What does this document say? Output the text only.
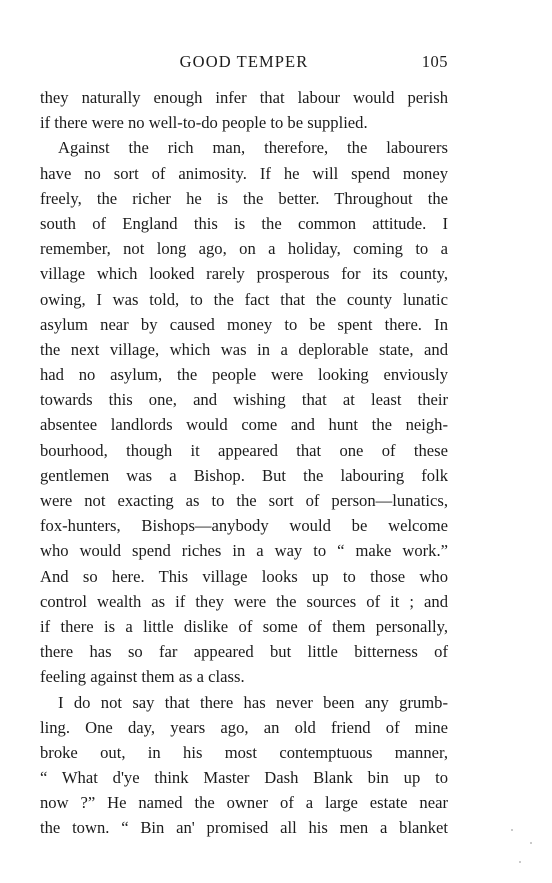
GOOD TEMPER	105
they naturally enough infer that labour would perish
if there were no well-to-do people to be supplied.
Against the rich man, therefore, the labourers
have no sort of animosity. If he will spend money
freely, the richer he is the better. Throughout the
south of England this is the common attitude. I
remember, not long ago, on a holiday, coming to a
village which looked rarely prosperous for its county,
owing, I was told, to the fact that the county lunatic
asylum near by caused money to be spent there. In
the next village, which was in a deplorable state, and
had no asylum, the people were looking enviously
towards this one, and wishing that at least their
absentee landlords would come and hunt the neigh-
bourhood, though it appeared that one of these
gentlemen was a Bishop. But the labouring folk
were not exacting as to the sort of person—lunatics,
fox-hunters, Bishops—anybody would be welcome
who would spend riches in a way to “ make work.”
And so here. This village looks up to those who
control wealth as if they were the sources of it ; and
if there is a little dislike of some of them personally,
there has so far appeared but little bitterness of
feeling against them as a class.
I do not say that there has never been any grumb-
ling. One day, years ago, an old friend of mine
broke out, in his most contemptuous manner,
“ What d'ye think Master Dash Blank bin up to
now ?” He named the owner of a large estate near
the town. “ Bin an' promised all his men a blanket
